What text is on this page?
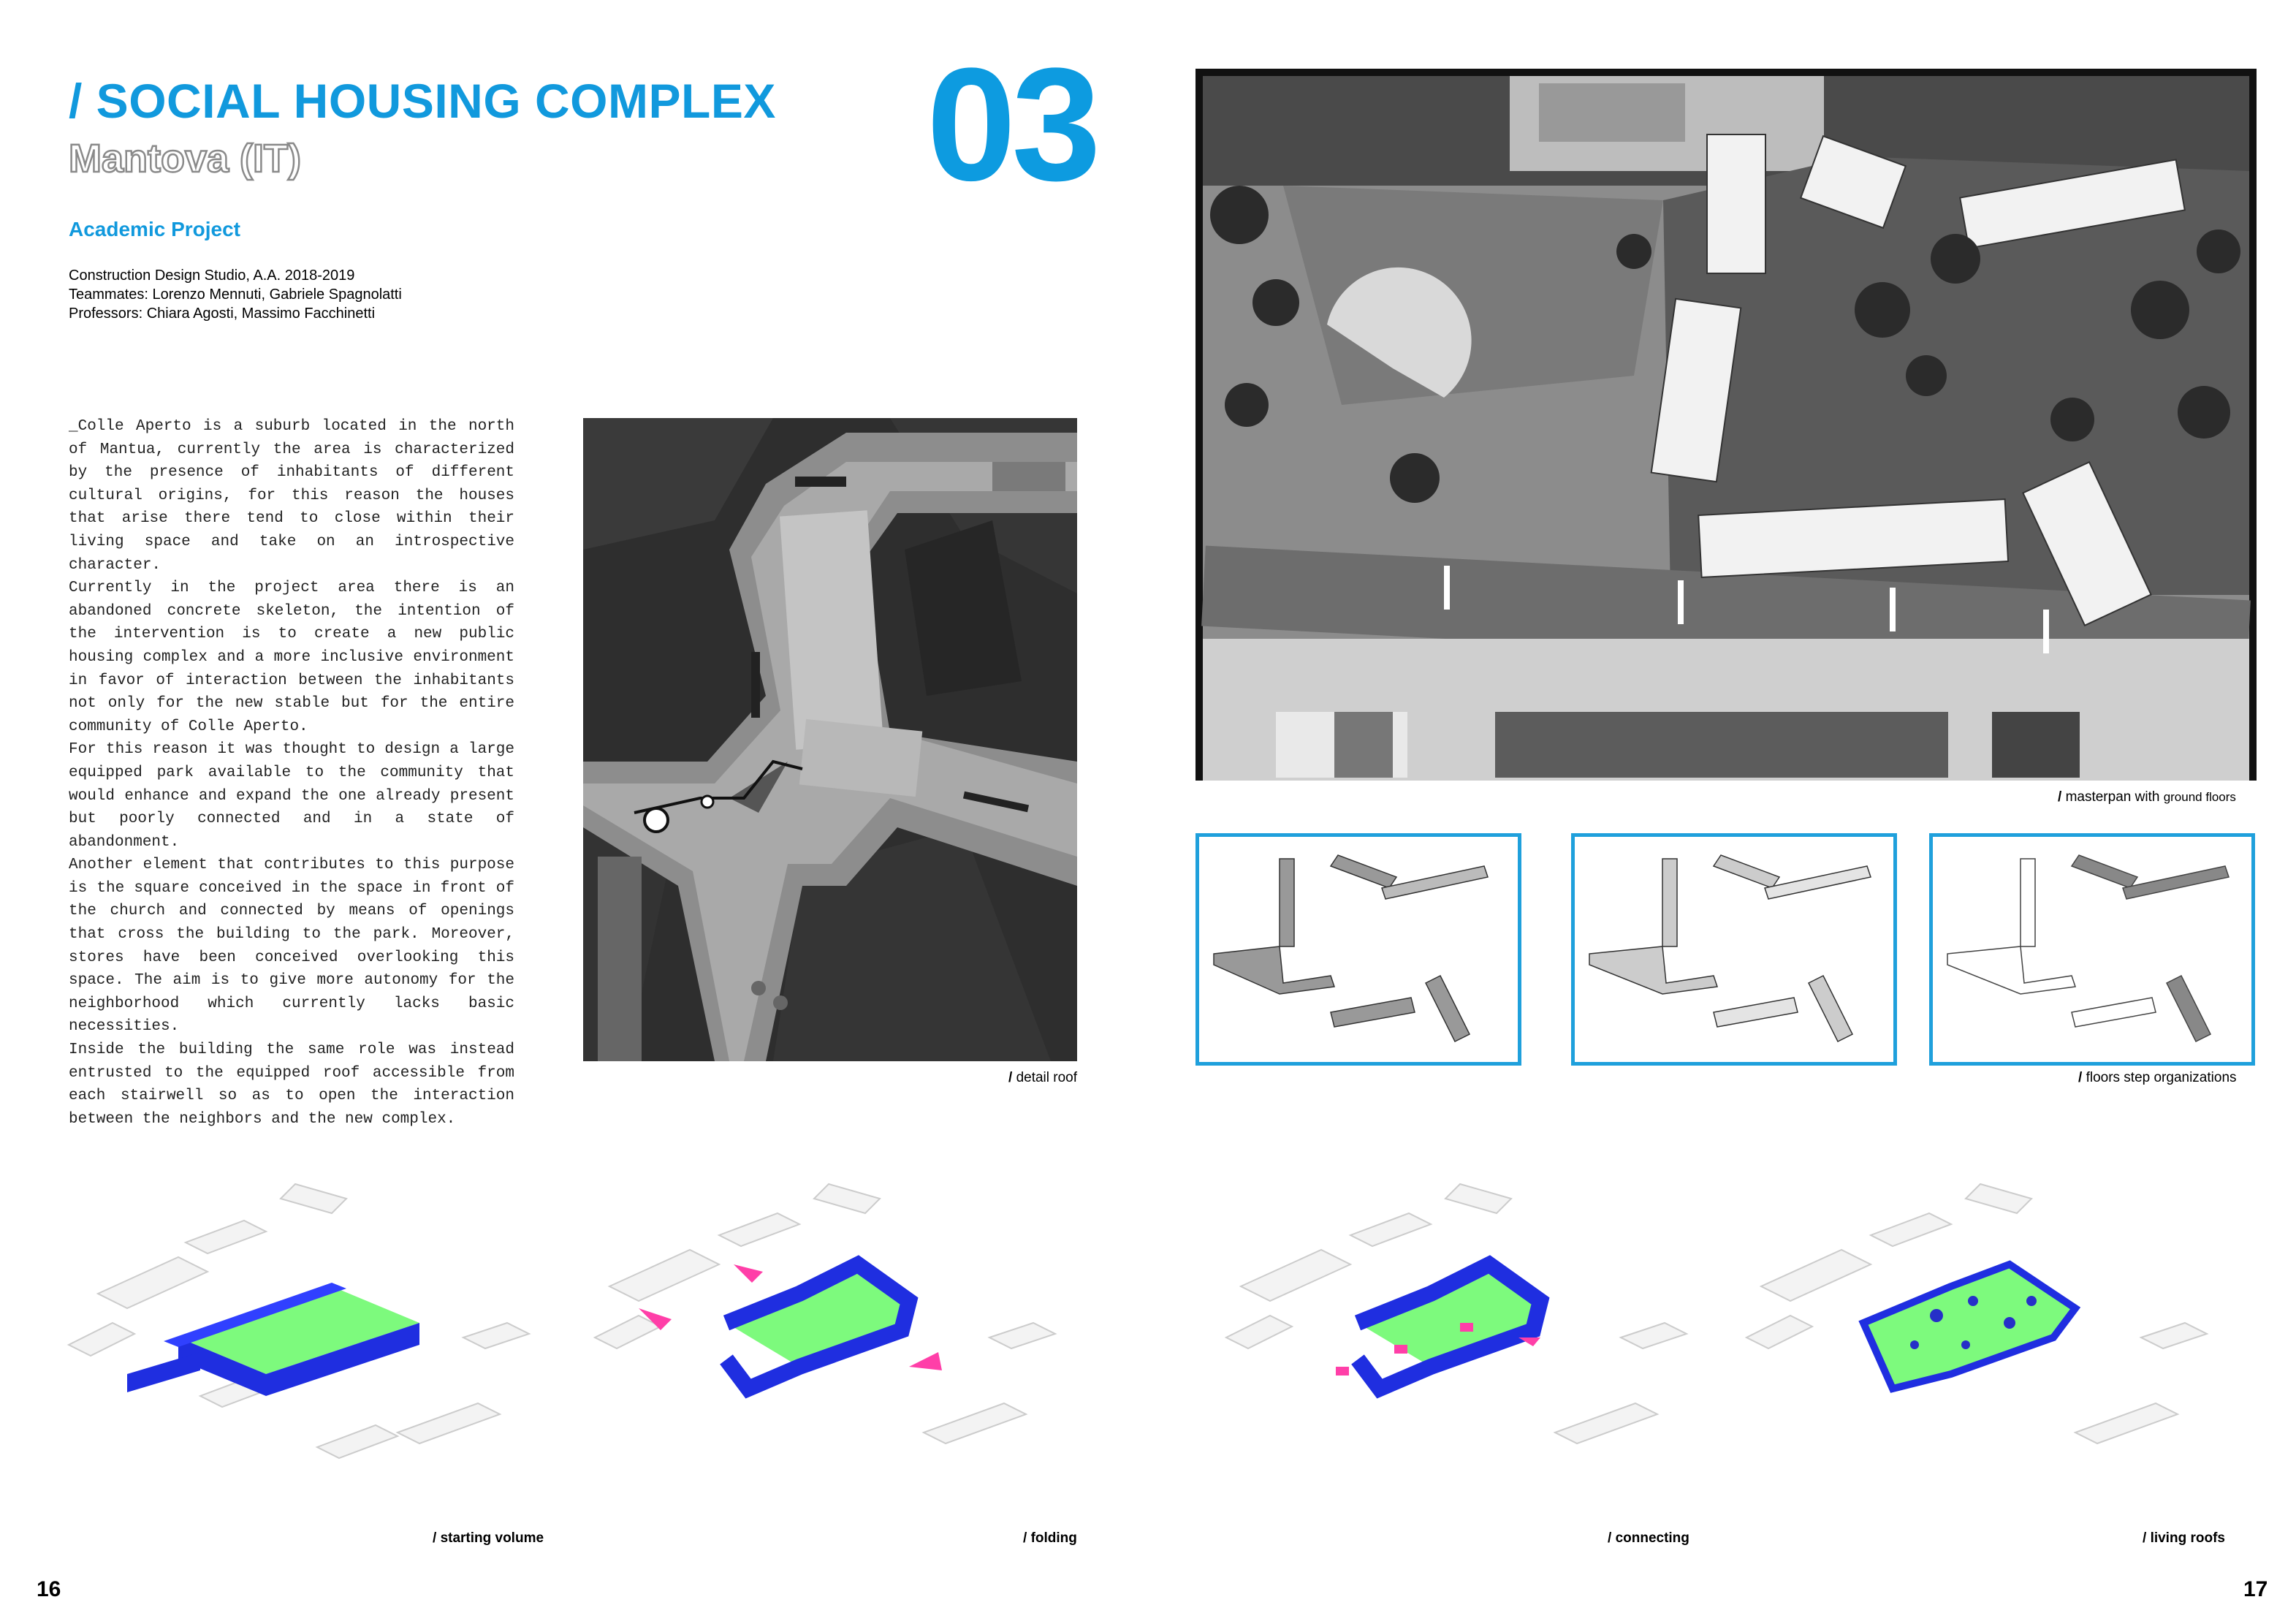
/ SOCIAL HOUSING COMPLEX
Mantova (IT)	03
Academic Project
Construction Design Studio, A.A. 2018-2019
Teammates: Lorenzo Mennuti, Gabriele Spagnolatti
Professors: Chiara Agosti, Massimo Facchinetti

_Colle Aperto is a suburb located in the north of Mantua, currently the area is characterized by the presence of inhabitants of different cultural origins, for this reason the houses that arise there tend to close within their living space and take on an introspective character.

Currently in the project area there is an abandoned concrete skeleton, the intention of the intervention is to create a new public housing complex and a more inclusive environment in favor of interaction between the inhabitants not only for the new stable but for the entire community of Colle Aperto.

For this reason it was thought to design a large equipped park available to the community that would enhance and expand the one already present but poorly connected and in a state of abandonment.

Another element that contributes to this purpose is the square conceived in the space in front of the church and connected by means of openings that cross the building to the park. Moreover, stores have been conceived overlooking this space. The aim is to give more autonomy for the neighborhood which currently lacks basic necessities.

Inside the building the same role was instead entrusted to the equipped roof accessible from each stairwell so as to open the interaction between the neighbors and the new complex.

/ detail roof
/ masterpan with ground floors
/ floors step organizations
/ starting volume	/ folding	/ connecting	/ living roofs
16	17
